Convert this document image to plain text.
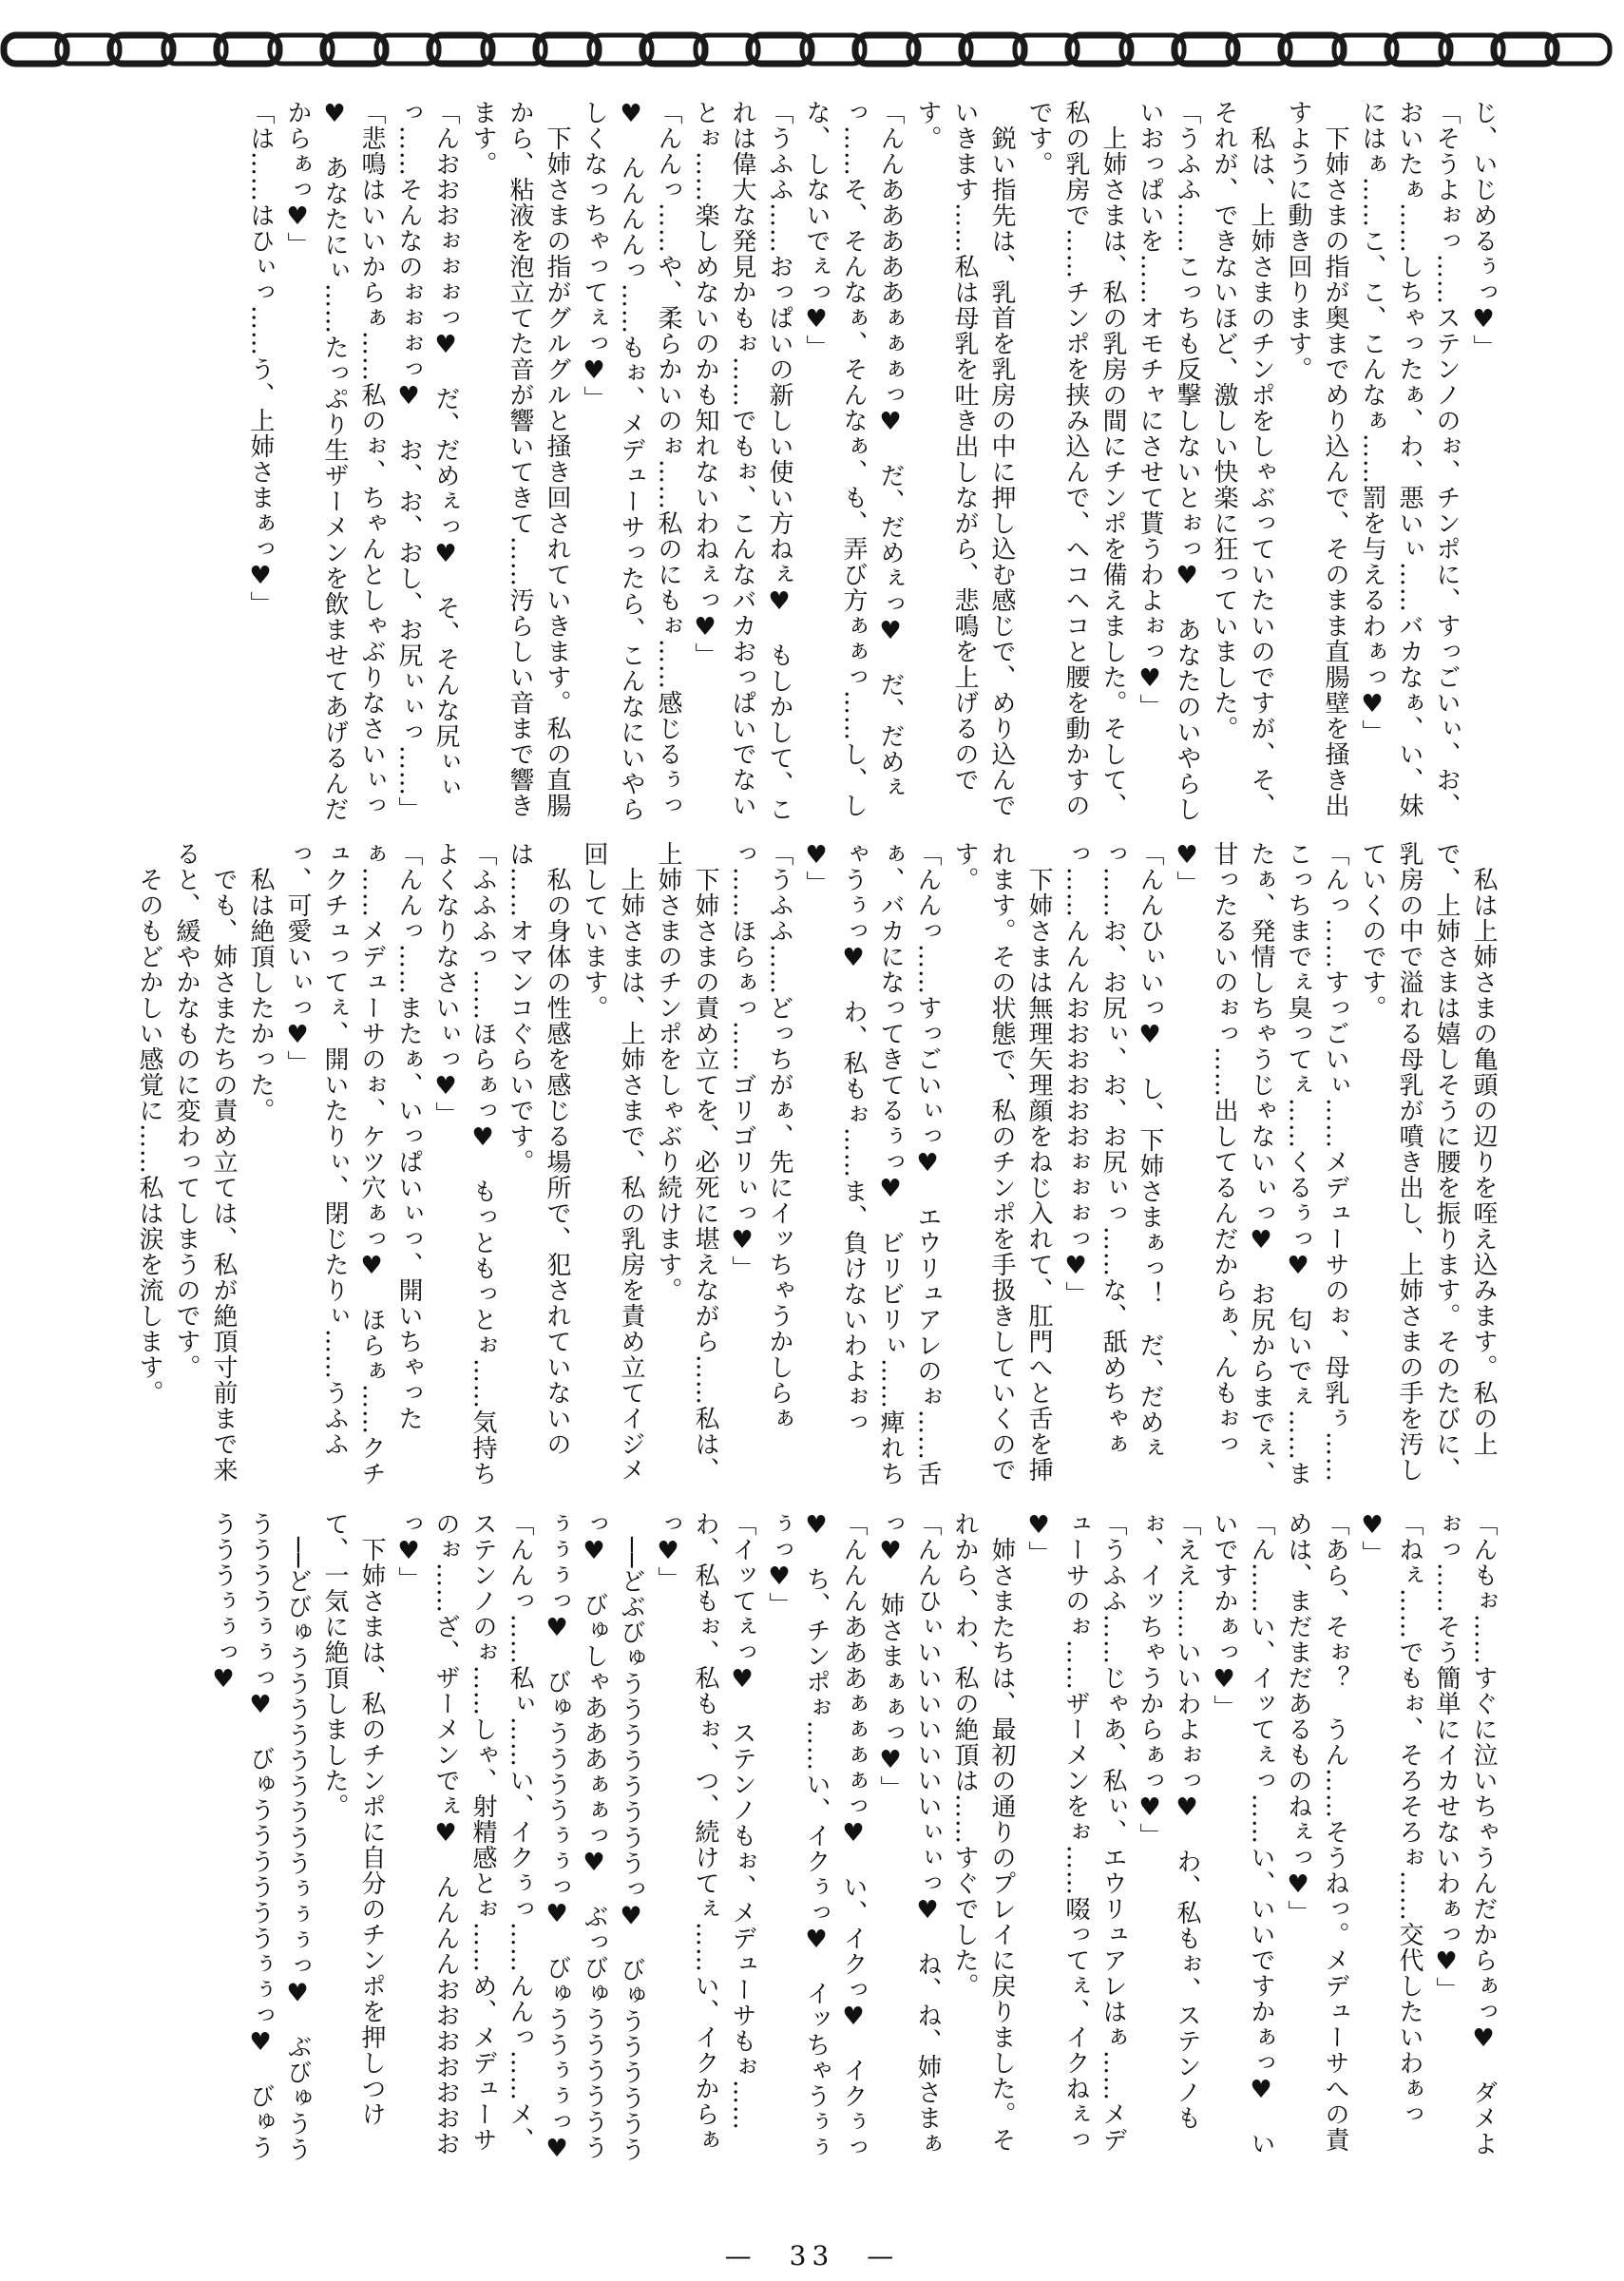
じ、いじめるぅっ♥」
「そうよぉっ……ステンノのぉ、チンポに、すっごいぃ、お、おいたぁ……しちゃったぁ、わ、悪いぃ……バカなぁ、い、妹にはぁ……こ、こ、こんなぁ……罰を与えるわぁっ♥」
　下姉さまの指が奥までめり込んで、そのまま直腸壁を掻き出すように動き回ります。
　私は、上姉さまのチンポをしゃぶっていたいのですが、そ、それが、できないほど、激しい快楽に狂っていました。
「うふふ……こっちも反撃しないとぉっ♥　あなたのいやらしいおっぱいを……オモチャにさせて貰うわよぉっ♥」
　上姉さまは、私の乳房の間にチンポを備えました。そして、私の乳房で……チンポを挟み込んで、ヘコヘコと腰を動かすのです。
　鋭い指先は、乳首を乳房の中に押し込む感じで、めり込んでいきます……私は母乳を吐き出しながら、悲鳴を上げるのです。
「んんあああああぁぁぁっ♥　だ、だめぇっ♥　だ、だめぇっ……そ、そんなぁ、そんなぁ、も、弄び方ぁぁっ……し、しな、しないでぇっ♥」
「うふふ……おっぱいの新しい使い方ねぇ♥　もしかして、これは偉大な発見かもぉ……でもぉ、こんなバカおっぱいでないとぉ……楽しめないのかも知れないわねぇっ♥」
「んんっ……や、柔らかいのぉ……私のにもぉ……感じるぅっ♥　んんんんっ……もぉ、メデューサったら、こんなにいやらしくなっちゃってぇっ♥」
　下姉さまの指がグルグルと掻き回されていきます。私の直腸から、粘液を泡立てた音が響いてきて……汚らしい音まで響きます。
「んおおおぉぉぉっ♥　だ、だめぇっ♥　そ、そんな尻ぃぃっ……そんなのぉぉぉっ♥　お、お、おし、お尻ぃぃっ……」
「悲鳴はいいからぁ……私のぉ、ちゃんとしゃぶりなさいぃっ♥　あなたにぃ……たっぷり生ザーメンを飲ませてあげるんだからぁっ♥」
「は……はひぃっ……う、上姉さまぁっ♥」
　私は上姉さまの亀頭の辺りを咥え込みます。私の上で、上姉さまは嬉しそうに腰を振ります。そのたびに、乳房の中で溢れる母乳が噴き出し、上姉さまの手を汚していくのです。
「んっ……すっごいぃ……メデューサのぉ、母乳ぅ……こっちまでぇ臭ってぇ……くるぅっ♥　匂いでぇ……またぁ、発情しちゃうじゃないぃっ♥　お尻からまでぇ、甘ったるいのぉっ……出してるんだからぁ、んもぉっ♥」
「んんひぃいっ♥　し、下姉さまぁっ！　だ、だめぇっ……お、お尻ぃ、お、お尻ぃっ……な、舐めちゃぁっ……んんんおおおおおおぉぉぉっ♥」
　下姉さまは無理矢理顔をねじ入れて、肛門へと舌を挿れます。その状態で、私のチンポを手扱きしていくのです。
「んんっ……すっごいぃっ♥　エウリュアレのぉ……舌ぁ、バカになってきてるぅっ♥　ビリビリぃ……痺れちゃうぅっ♥　わ、私もぉ……ま、負けないわよぉっ♥」
「うふふ……どっちがぁ、先にイッちゃうかしらぁっ……ほらぁっ……ゴリゴリぃっ♥」
　下姉さまの責め立てを、必死に堪えながら……私は、上姉さまのチンポをしゃぶり続けます。
　上姉さまは、上姉さまで、私の乳房を責め立てイジメ回しています。
　私の身体の性感を感じる場所で、犯されていないのは……オマンコぐらいです。
「ふふふっ……ほらぁっ♥　もっともっとぉ……気持ちよくなりなさいぃっ♥」
「んんっ……またぁ、いっぱいぃっ、開いちゃったぁ……メデューサのぉ、ケツ穴ぁっ♥　ほらぁ……クチュクチュってぇ、開いたりぃ、閉じたりぃ……うふふっ、可愛いぃっ♥」
　私は絶頂したかった。
　でも、姉さまたちの責め立ては、私が絶頂寸前まで来ると、緩やかなものに変わってしまうのです。
　そのもどかしい感覚に……私は涙を流します。
「んもぉ……すぐに泣いちゃうんだからぁっ♥　ダメよぉっ……そう簡単にイカせないわぁっ♥」
「ねぇ……でもぉ、そろそろぉ……交代したいわぁっ♥」
「あら、そぉ？　うん……そうねっ。メデューサへの責めは、まだまだあるものねぇっ♥」
「ん……い、イッてぇっ……い、いいですかぁっ♥　いいですかぁっ♥」
「ええ……いいわよぉっ♥　わ、私もぉ、ステンノもぉ、イッちゃうからぁっ♥」
「うふふ……じゃあ、私ぃ、エウリュアレはぁ……メデューサのぉ……ザーメンをぉ……啜ってぇ、イクねぇっ♥」
　姉さまたちは、最初の通りのプレイに戻りました。それから、わ、私の絶頂は……すぐでした。
「んんひぃいいいいいいいぃぃっ♥　ね、ね、姉さまぁっ♥　姉さまぁぁっ♥」
「んんんあああぁぁぁぁっ♥　い、イクっ♥　イクぅっ♥　ち、チンポぉ……い、イクぅっ♥　イッちゃうぅぅぅっ♥」
「イッてぇっ♥　ステンノもぉ、メデューサもぉ……わ、私もぉ、私もぉ、つ、続けてぇ……い、イクからぁっ♥」
　──どぶびゅううううううううっ♥　びゅううううううっ♥　びゅしゃあああぁぁっ♥　ぶっびゅううううううぅぅぅっ♥　びゅううううぅぅっ♥　びゅううぅぅっ♥
「んんっ……私ぃ……い、イクぅっ……んんっ……メ、ステンノのぉ……しゃ、射精感とぉ……め、メデューサのぉ……ざ、ザーメンでぇ♥　んんんんおおおおおおおっ♥」
　下姉さまは、私のチンポに自分のチンポを押しつけて、一気に絶頂しました。
　──どびゅうううううううううぅぅぅっ♥　ぶびゅううううううぅぅっ♥　びゅううううううぅぅっ♥　びゅううううぅぅっ♥
—　33　—
